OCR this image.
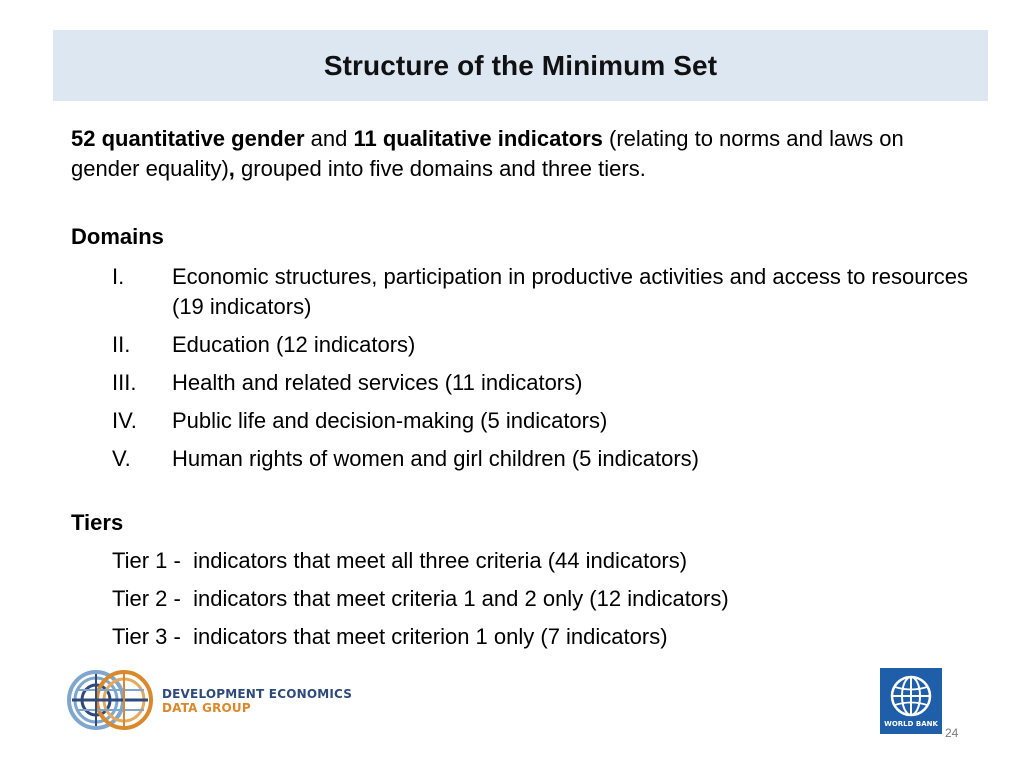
Structure of the Minimum Set
52 quantitative gender and 11 qualitative indicators (relating to norms and laws on gender equality), grouped into five domains and three tiers.
Domains
I.	Economic structures, participation in productive activities and access to resources (19 indicators)
II.	Education (12 indicators)
III.	Health and related services (11 indicators)
IV.	Public life and decision-making (5 indicators)
V.	Human rights of women and girl children (5 indicators)
Tiers
Tier 1 - indicators that meet all three criteria (44 indicators)
Tier 2 - indicators that meet criteria 1 and 2 only (12 indicators)
Tier 3 - indicators that meet criterion 1 only (7 indicators)
DEVELOPMENT ECONOMICS
DATA GROUP
WORLD BANK
24
